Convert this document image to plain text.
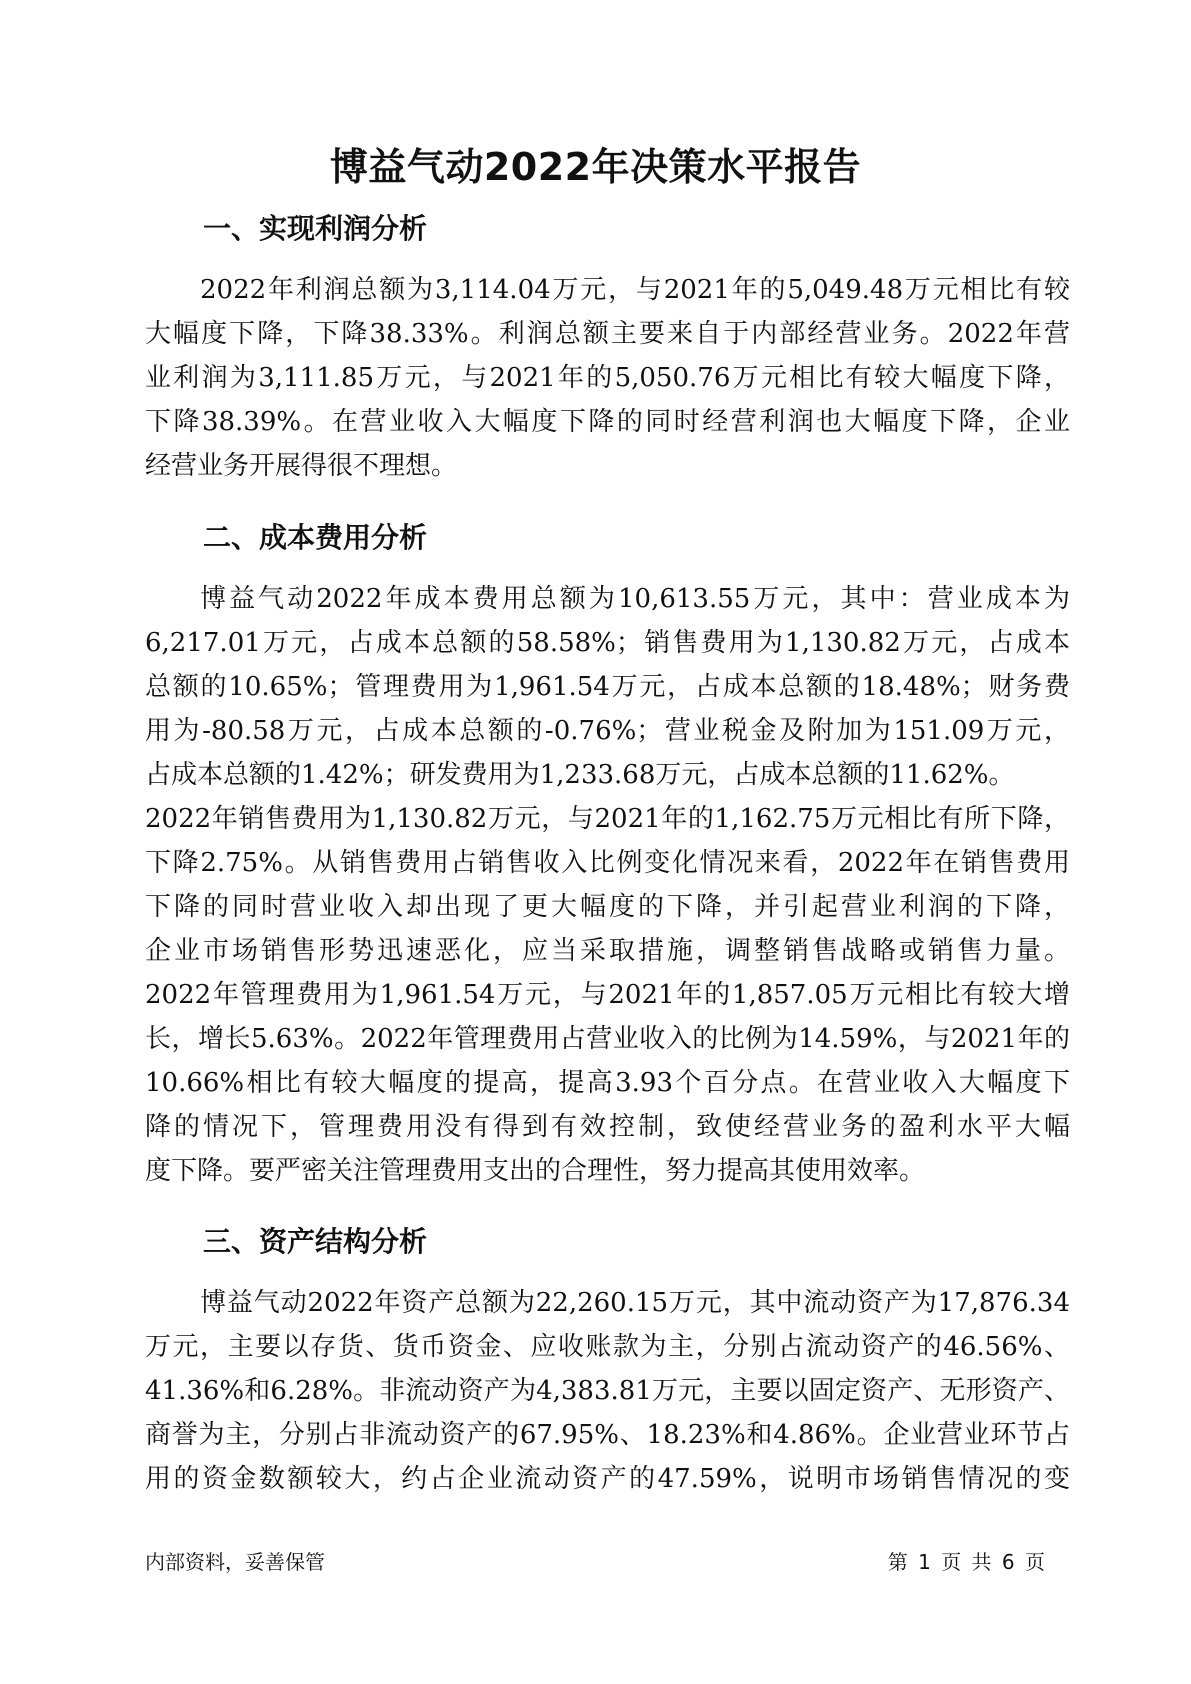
博益气动2022年决策水平报告
一、实现利润分析
2022年利润总额为3,114.04万元，与2021年的5,049.48万元相比有较
大幅度下降，下降38.33%。利润总额主要来自于内部经营业务。2022年营
业利润为3,111.85万元，与2021年的5,050.76万元相比有较大幅度下降，
下降38.39%。在营业收入大幅度下降的同时经营利润也大幅度下降，企业
经营业务开展得很不理想。
二、成本费用分析
博益气动2022年成本费用总额为10,613.55万元，其中：营业成本为
6,217.01万元，占成本总额的58.58%；销售费用为1,130.82万元，占成本
总额的10.65%；管理费用为1,961.54万元，占成本总额的18.48%；财务费
用为-80.58万元，占成本总额的-0.76%；营业税金及附加为151.09万元，
占成本总额的1.42%；研发费用为1,233.68万元，占成本总额的11.62%。
2022年销售费用为1,130.82万元，与2021年的1,162.75万元相比有所下降，
下降2.75%。从销售费用占销售收入比例变化情况来看，2022年在销售费用
下降的同时营业收入却出现了更大幅度的下降，并引起营业利润的下降，
企业市场销售形势迅速恶化，应当采取措施，调整销售战略或销售力量。
2022年管理费用为1,961.54万元，与2021年的1,857.05万元相比有较大增
长，增长5.63%。2022年管理费用占营业收入的比例为14.59%，与2021年的
10.66%相比有较大幅度的提高，提高3.93个百分点。在营业收入大幅度下
降的情况下，管理费用没有得到有效控制，致使经营业务的盈利水平大幅
度下降。要严密关注管理费用支出的合理性，努力提高其使用效率。
三、资产结构分析
博益气动2022年资产总额为22,260.15万元，其中流动资产为17,876.34
万元，主要以存货、货币资金、应收账款为主，分别占流动资产的46.56%、
41.36%和6.28%。非流动资产为4,383.81万元，主要以固定资产、无形资产、
商誉为主，分别占非流动资产的67.95%、18.23%和4.86%。企业营业环节占
用的资金数额较大，约占企业流动资产的47.59%，说明市场销售情况的变
内部资料，妥善保管	第 1 页 共 6 页
